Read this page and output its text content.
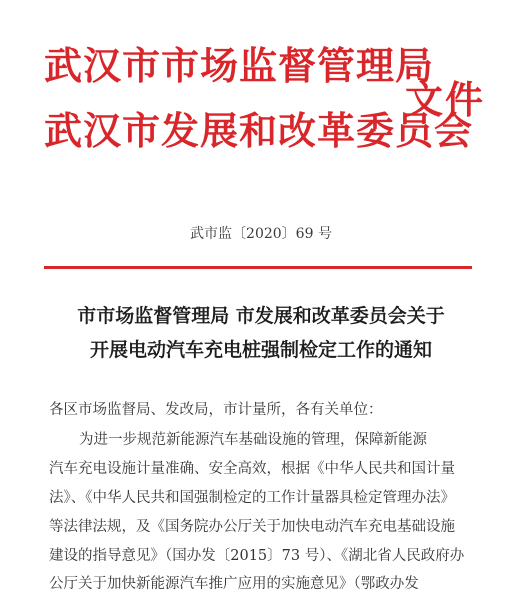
武汉市市场监督管理局
武汉市发展和改革委员会
文件
武市监〔2020〕69 号
市市场监督管理局 市发展和改革委员会关于
开展电动汽车充电桩强制检定工作的通知
各区市场监督局、发改局，市计量所，各有关单位：
为进一步规范新能源汽车基础设施的管理，保障新能源
汽车充电设施计量准确、安全高效，根据《中华人民共和国计量
法》、《中华人民共和国强制检定的工作计量器具检定管理办法》
等法律法规，及《国务院办公厅关于加快电动汽车充电基础设施
建设的指导意见》（国办发〔2015〕73 号）、《湖北省人民政府办
公厅关于加快新能源汽车推广应用的实施意见》（鄂政办发
